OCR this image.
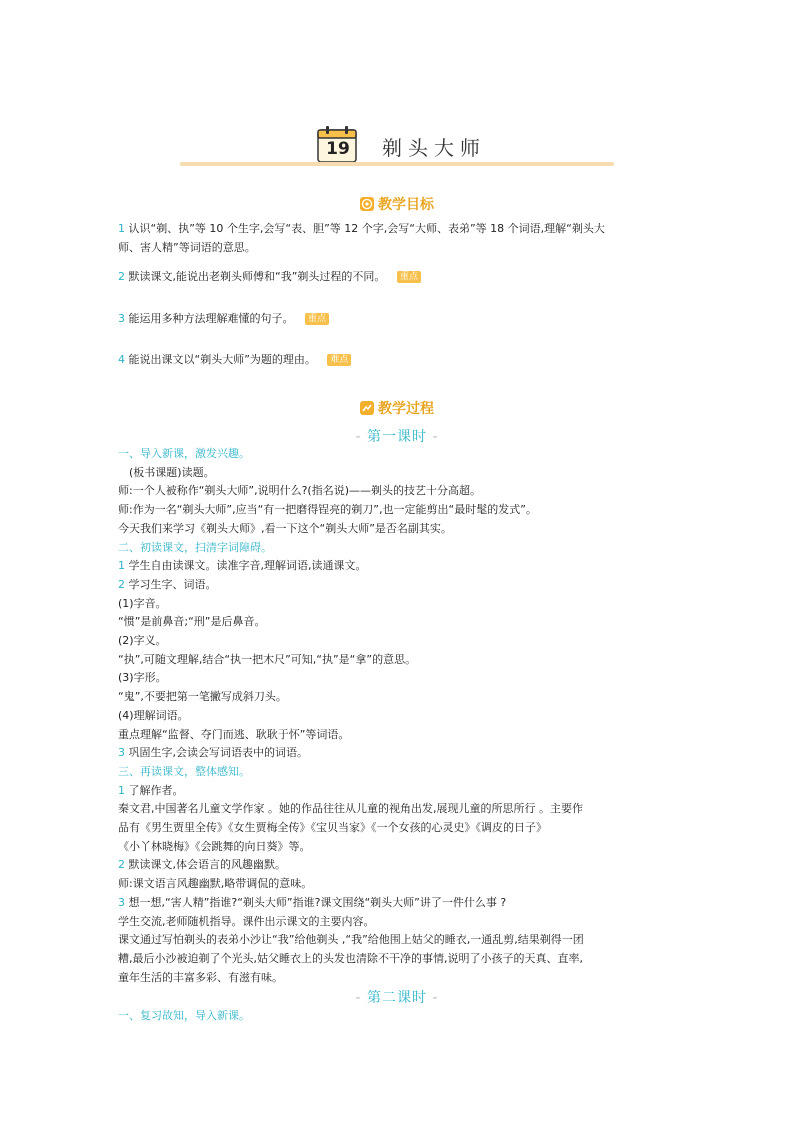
19 剃头大师
教学目标
1 认识“剃、执”等 10 个生字,会写“表、胆”等 12 个字,会写“大师、表弟”等 18 个词语,理解“剃头大
师、害人精”等词语的意思。
2 默读课文,能说出老剃头师傅和“我”剃头过程的不同。 重点
3 能运用多种方法理解难懂的句子。 重点
4 能说出课文以“剃头大师”为题的理由。 难点
教学过程
- 第一课时 -
一、导入新课，激发兴趣。
　(板书课题)读题。
师:一个人被称作“剃头大师”,说明什么?(指名说)——剃头的技艺十分高超。
师:作为一名“剃头大师”,应当“有一把磨得锃亮的剃刀”,也一定能剪出“最时髦的发式”。
今天我们来学习《剃头大师》,看一下这个“剃头大师”是否名副其实。
二、初读课文，扫清字词障碍。
1 学生自由读课文。读准字音,理解词语,读通课文。
2 学习生字、词语。
(1)字音。
“惯”是前鼻音;“刑”是后鼻音。
(2)字义。
“执”,可随文理解,结合“执一把木尺”可知,“执”是“拿”的意思。
(3)字形。
“鬼”,不要把第一笔撇写成斜刀头。
(4)理解词语。
重点理解“监督、夺门而逃、耿耿于怀”等词语。
3 巩固生字,会读会写词语表中的词语。
三、再读课文，整体感知。
1 了解作者。
秦文君,中国著名儿童文学作家 。她的作品往往从儿童的视角出发,展现儿童的所思所行 。主要作
品有《男生贾里全传》《女生贾梅全传》《宝贝当家》《一个女孩的心灵史》《调皮的日子》
《小丫林晓梅》《会跳舞的向日葵》等。
2 默读课文,体会语言的风趣幽默。
师:课文语言风趣幽默,略带调侃的意味。
3 想一想,“害人精”指谁?“剃头大师”指谁?课文围绕“剃头大师”讲了一件什么事 ?
学生交流,老师随机指导。课件出示课文的主要内容。
课文通过写怕剃头的表弟小沙让“我”给他剃头 ,“我”给他围上姑父的睡衣,一通乱剪,结果剃得一团
糟,最后小沙被迫剃了个光头,姑父睡衣上的头发也清除不干净的事情,说明了小孩子的天真、直率,
童年生活的丰富多彩、有滋有味。
- 第二课时 -
一、复习故知，导入新课。
